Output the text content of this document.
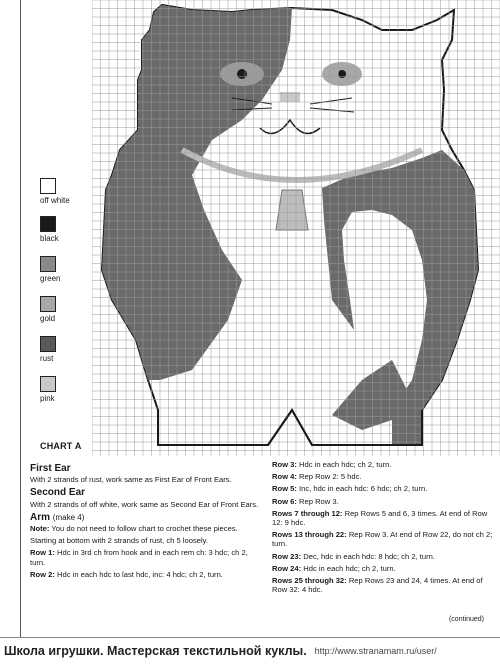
off white
black
green
gold
rust
pink
CHART A
First Ear
With 2 strands of rust, work same as First Ear of Front Ears.
Second Ear
With 2 strands of off white, work same as Second Ear of Front Ears.
Arm (make 4)
Note: You do not need to follow chart to crochet these pieces.
Starting at bottom with 2 strands of rust, ch 5 loosely.
Row 1: Hdc in 3rd ch from hook and in each rem ch: 3 hdc; ch 2, turn.
Row 2: Hdc in each hdc to last hdc, inc: 4 hdc; ch 2, turn.
Row 3: Hdc in each hdc; ch 2, turn.
Row 4: Rep Row 2: 5 hdc.
Row 5: Inc, hdc in each hdc: 6 hdc; ch 2, turn.
Row 6: Rep Row 3.
Rows 7 through 12: Rep Rows 5 and 6, 3 times. At end of Row 12: 9 hdc.
Rows 13 through 22: Rep Row 3. At end of Row 22, do not ch 2; turn.
Row 23: Dec, hdc in each hdc: 8 hdc; ch 2, turn.
Row 24: Hdc in each hdc; ch 2, turn.
Rows 25 through 32: Rep Rows 23 and 24, 4 times. At end of Row 32: 4 hdc.
(continued)
Школа игрушки. Мастерская текстильной куклы. http://www.stranamam.ru/user/
